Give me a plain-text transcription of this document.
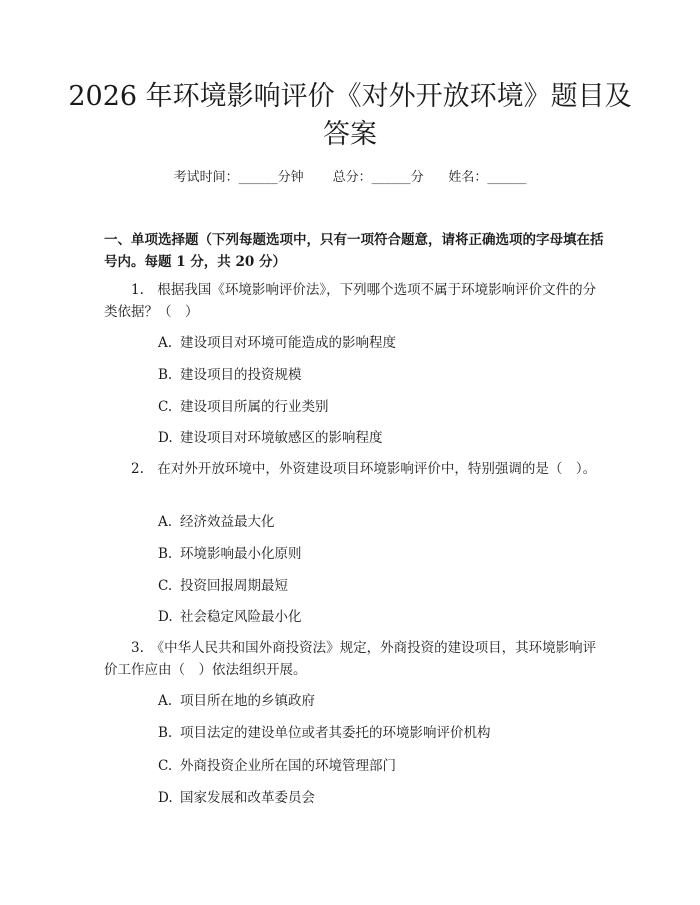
2026 年环境影响评价《对外开放环境》题目及答案
考试时间：______分钟 总分：______分 姓名：______

一、单项选择题（下列每题选项中，只有一项符合题意，请将正确选项的字母填在括号内。每题 1 分，共 20 分）

1.　根据我国《环境影响评价法》，下列哪个选项不属于环境影响评价文件的分类依据？（　）

A. 建设项目对环境可能造成的影响程度

B. 建设项目的投资规模

C. 建设项目所属的行业类别

D. 建设项目对环境敏感区的影响程度

2.　在对外开放环境中，外资建设项目环境影响评价中，特别强调的是（　）。

A. 经济效益最大化

B. 环境影响最小化原则

C. 投资回报周期最短

D. 社会稳定风险最小化

3.　《中华人民共和国外商投资法》规定，外商投资的建设项目，其环境影响评价工作应由（　）依法组织开展。

A. 项目所在地的乡镇政府

B. 项目法定的建设单位或者其委托的环境影响评价机构

C. 外商投资企业所在国的环境管理部门

D. 国家发展和改革委员会
